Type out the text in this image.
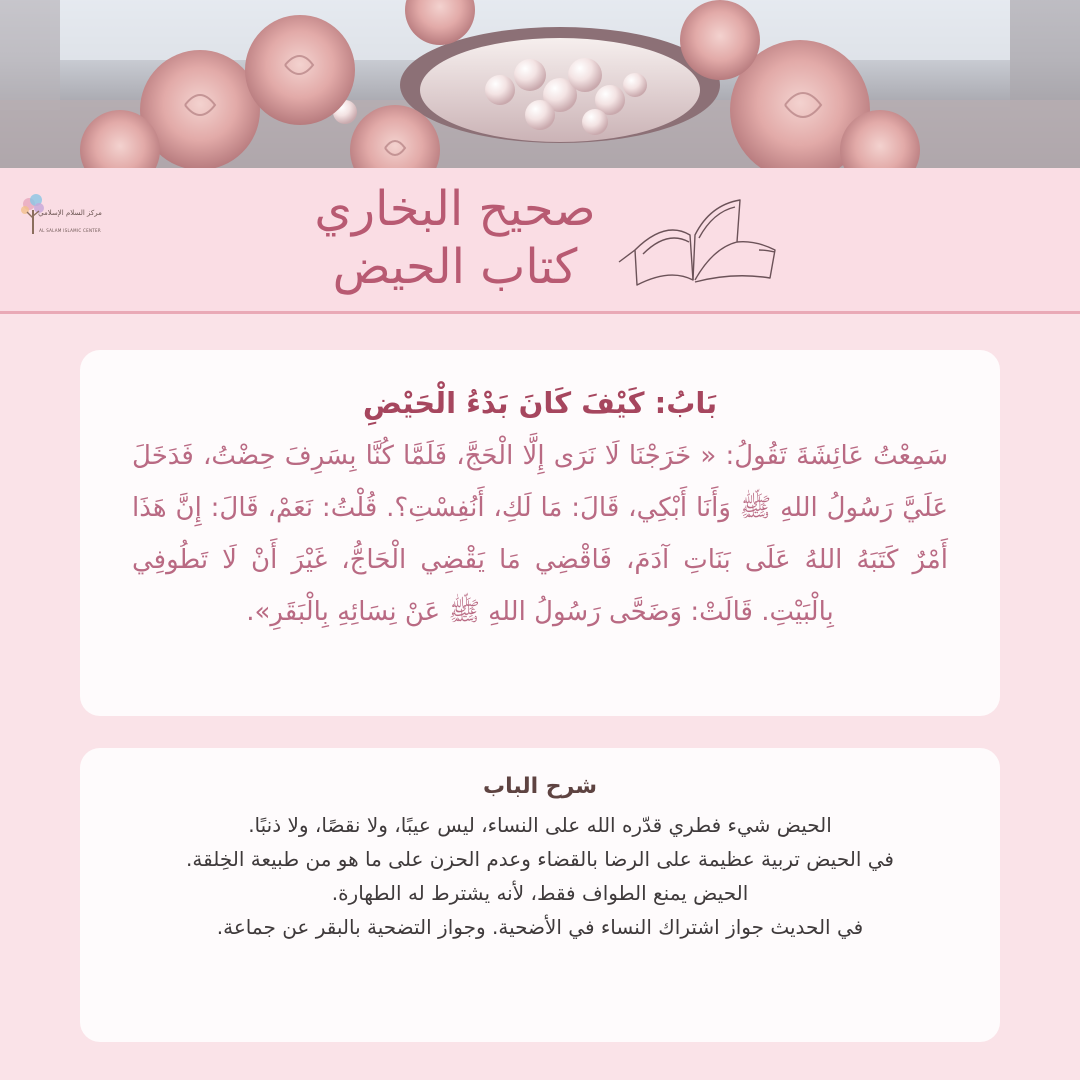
مركز السلام الإسلامي
AL SALAM ISLAMIC CENTER	صحيح البخاري
كتاب الحيض
بَابُ: كَيْفَ كَانَ بَدْءُ الْحَيْضِ
سَمِعْتُ عَائِشَةَ تَقُولُ: « خَرَجْنَا لَا نَرَى إِلَّا الْحَجَّ، فَلَمَّا كُنَّا بِسَرِفَ حِضْتُ، فَدَخَلَ عَلَيَّ رَسُولُ اللهِ ﷺ وَأَنَا أَبْكِي، قَالَ: مَا لَكِ، أَنُفِسْتِ؟. قُلْتُ: نَعَمْ، قَالَ: إِنَّ هَذَا أَمْرٌ كَتَبَهُ اللهُ عَلَى بَنَاتِ آدَمَ، فَاقْضِي مَا يَقْضِي الْحَاجُّ، غَيْرَ أَنْ لَا تَطُوفِي بِالْبَيْتِ. قَالَتْ: وَضَحَّى رَسُولُ اللهِ ﷺ عَنْ نِسَائِهِ بِالْبَقَرِ».
شرح الباب

الحيض شيء فطري قدّره الله على النساء، ليس عيبًا، ولا نقصًا، ولا ذنبًا.

في الحيض تربية عظيمة على الرضا بالقضاء وعدم الحزن على ما هو من طبيعة الخِلقة.

الحيض يمنع الطواف فقط، لأنه يشترط له الطهارة.

في الحديث جواز اشتراك النساء في الأضحية. وجواز التضحية بالبقر عن جماعة.
